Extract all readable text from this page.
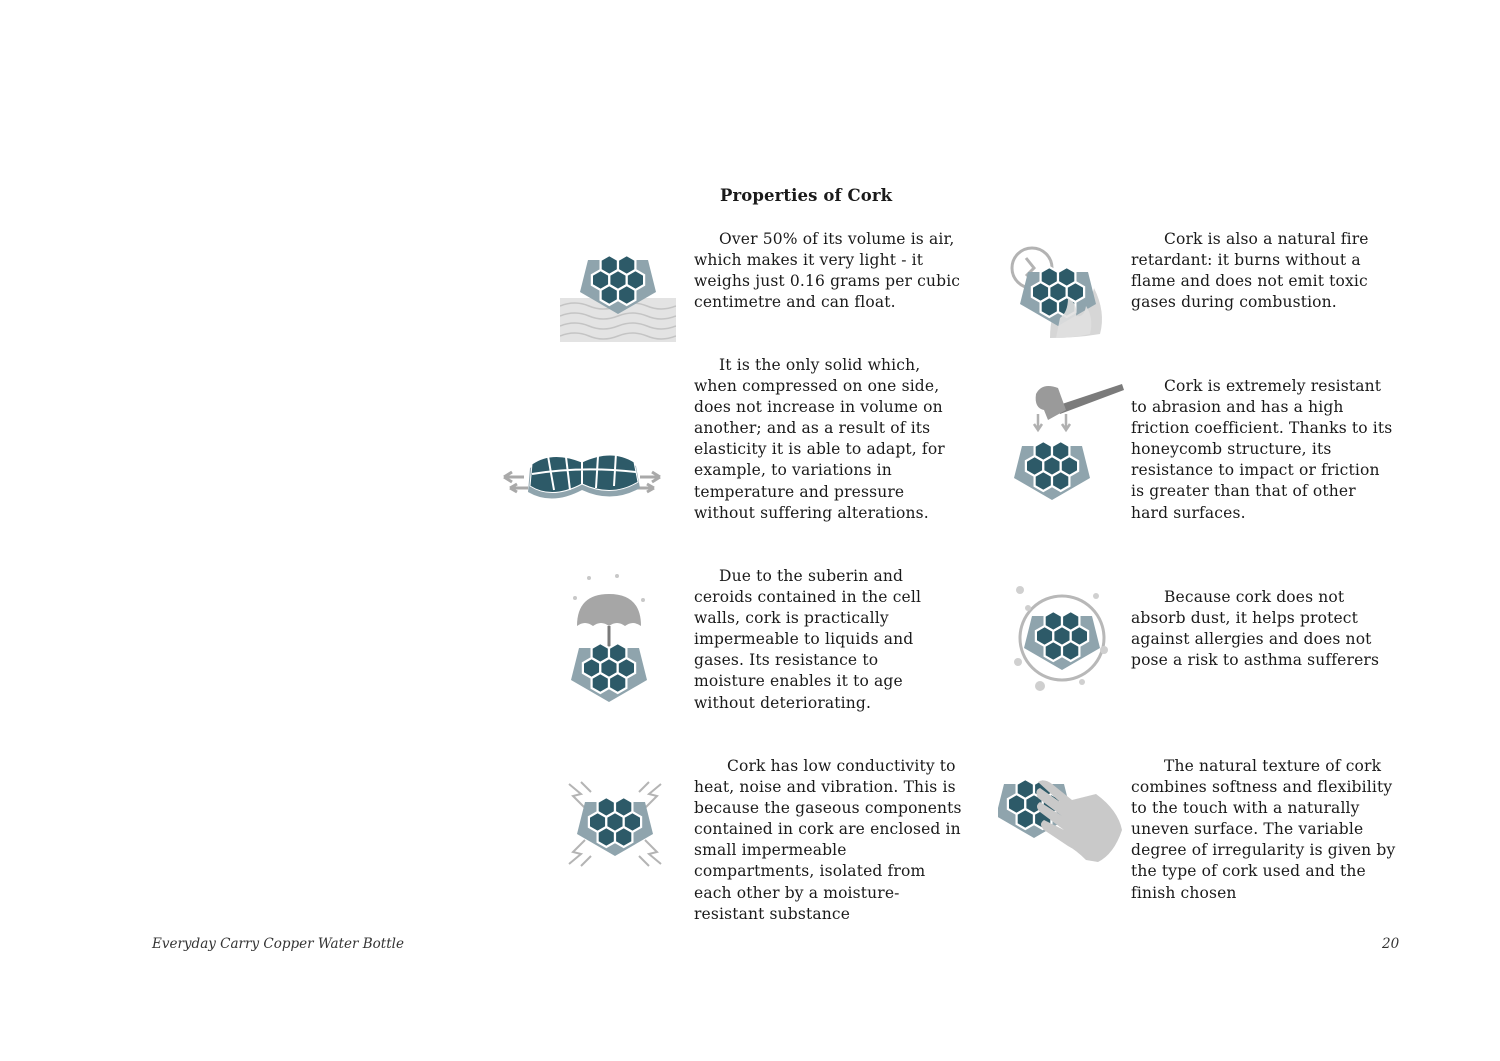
Properties of Cork

Over 50% of its volume is air, which makes it very light - it weighs just 0.16 grams per cubic centimetre and can float.

It is the only solid which, when compressed on one side, does not increase in volume on another; and as a result of its elasticity it is able to adapt, for example, to variations in temperature and pressure without suffering alterations.

Due to the suberin and ceroids contained in the cell walls, cork is practically impermeable to liquids and gases. Its resistance to moisture enables it to age without deteriorating.

Cork has low conductivity to heat, noise and vibration. This is because the gaseous components contained in cork are enclosed in small impermeable compartments, isolated from each other by a moisture-resistant substance

Cork is also a natural fire retardant: it burns without a flame and does not emit toxic gases during combustion.

Cork is extremely resistant to abrasion and has a high friction coefficient. Thanks to its honeycomb structure, its resistance to impact or friction is greater than that of other hard surfaces.

Because cork does not absorb dust, it helps protect against allergies and does not pose a risk to asthma sufferers

The natural texture of cork combines softness and flexibility to the touch with a naturally uneven surface. The variable degree of irregularity is given by the type of cork used and the finish chosen

Everyday Carry Copper Water Bottle	20
